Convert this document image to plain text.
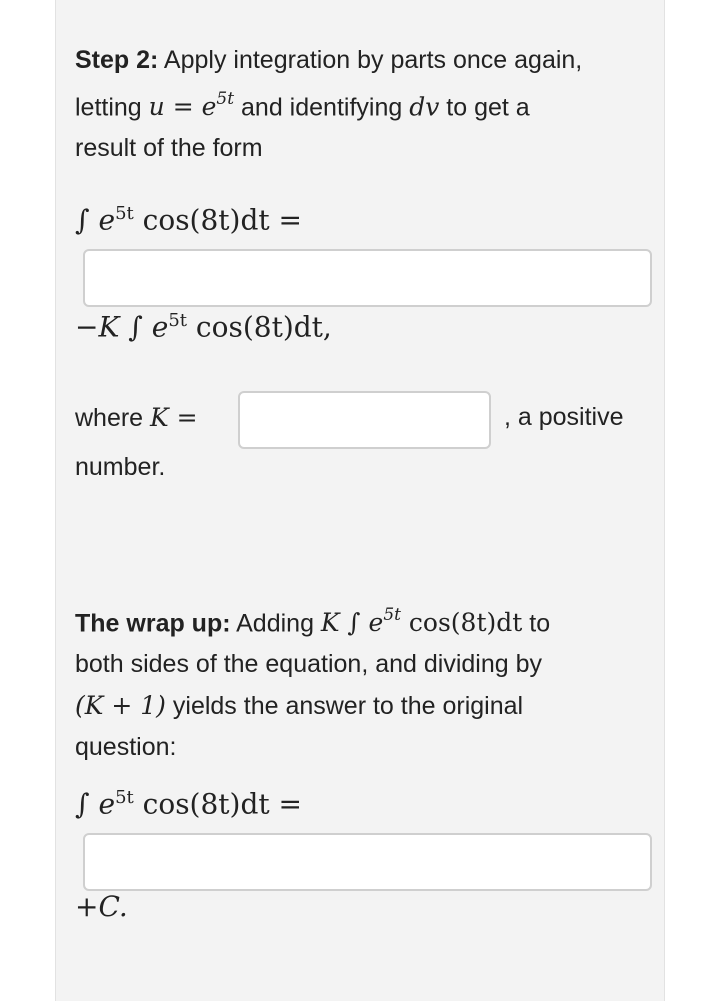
Step 2: Apply integration by parts once again,
letting $u = e^{5t}$ and identifying dv to get a
result of the form
∫ $e^{5t}$ cos(8t)dt =
−K ∫ $e^{5t}$ cos(8t)dt,
where K =	, a positive
number.
The wrap up: Adding K ∫ $e^{5t}$ cos(8t)dt to
both sides of the equation, and dividing by
(K + 1) yields the answer to the original
question:
∫ $e^{5t}$ cos(8t)dt =
+C.
